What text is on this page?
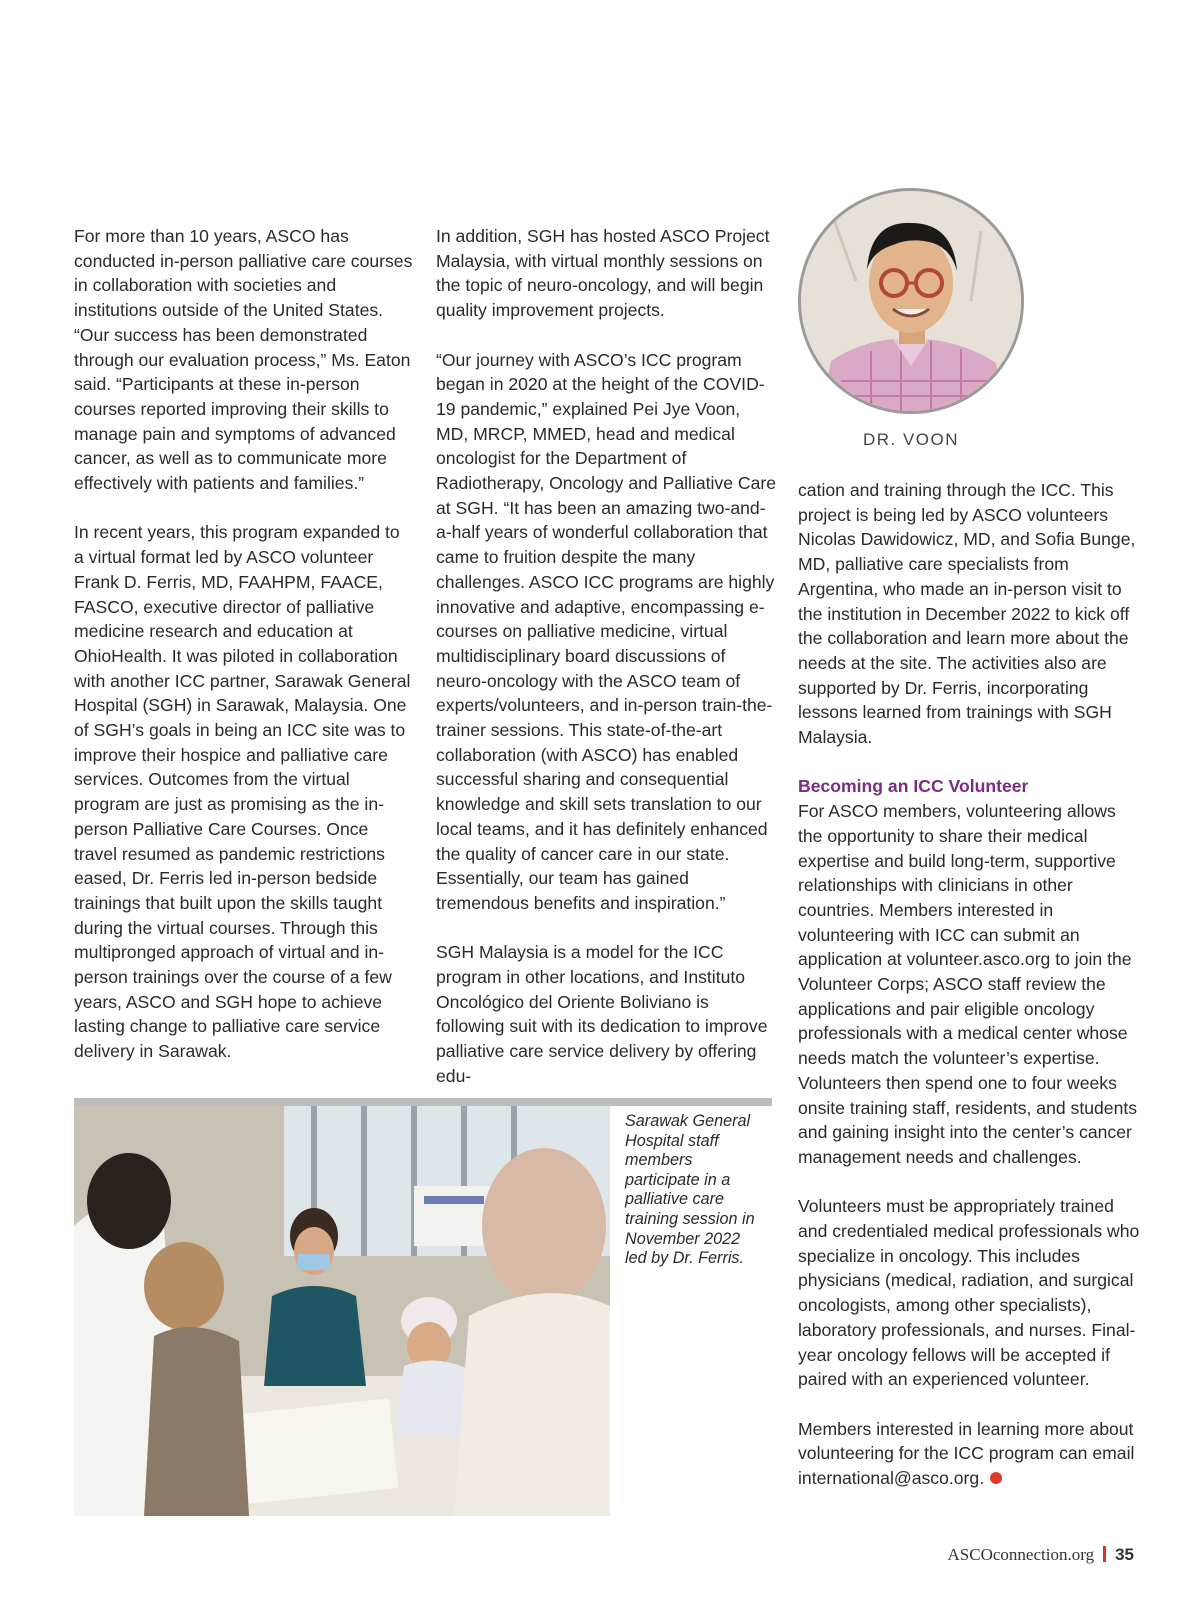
For more than 10 years, ASCO has conducted in-person palliative care courses in collaboration with societies and institutions outside of the United States. “Our success has been demonstrated through our evaluation process,” Ms. Eaton said. “Participants at these in-person courses reported improving their skills to manage pain and symptoms of advanced cancer, as well as to communicate more effectively with patients and families.”

In recent years, this program expanded to a virtual format led by ASCO volunteer Frank D. Ferris, MD, FAAHPM, FAACE, FASCO, executive director of palliative medicine research and education at OhioHealth. It was piloted in collaboration with another ICC partner, Sarawak General Hospital (SGH) in Sarawak, Malaysia. One of SGH’s goals in being an ICC site was to improve their hospice and palliative care services. Outcomes from the virtual program are just as promising as the in-person Palliative Care Courses. Once travel resumed as pandemic restrictions eased, Dr. Ferris led in-person bedside trainings that built upon the skills taught during the virtual courses. Through this multipronged approach of virtual and in-person trainings over the course of a few years, ASCO and SGH hope to achieve lasting change to palliative care service delivery in Sarawak.

In addition, SGH has hosted ASCO Project Malaysia, with virtual monthly sessions on the topic of neuro-oncology, and will begin quality improvement projects.

“Our journey with ASCO’s ICC program began in 2020 at the height of the COVID-19 pandemic,” explained Pei Jye Voon, MD, MRCP, MMED, head and medical oncologist for the Department of Radiotherapy, Oncology and Palliative Care at SGH. “It has been an amazing two-and-a-half years of wonderful collaboration that came to fruition despite the many challenges. ASCO ICC programs are highly innovative and adaptive, encompassing e-courses on palliative medicine, virtual multidisciplinary board discussions of neuro-oncology with the ASCO team of experts/volunteers, and in-person train-the-trainer sessions. This state-of-the-art collaboration (with ASCO) has enabled successful sharing and consequential knowledge and skill sets translation to our local teams, and it has definitely enhanced the quality of cancer care in our state. Essentially, our team has gained tremendous benefits and inspiration.”

SGH Malaysia is a model for the ICC program in other locations, and Instituto Oncológico del Oriente Boliviano is following suit with its dedication to improve palliative care service delivery by offering edu-

DR. VOON

cation and training through the ICC. This project is being led by ASCO volunteers Nicolas Dawidowicz, MD, and Sofia Bunge, MD, palliative care specialists from Argentina, who made an in-person visit to the institution in December 2022 to kick off the collaboration and learn more about the needs at the site. The activities also are supported by Dr. Ferris, incorporating lessons learned from trainings with SGH Malaysia.

Becoming an ICC Volunteer

For ASCO members, volunteering allows the opportunity to share their medical expertise and build long-term, supportive relationships with clinicians in other countries. Members interested in volunteering with ICC can submit an application at volunteer.asco.org to join the Volunteer Corps; ASCO staff review the applications and pair eligible oncology professionals with a medical center whose needs match the volunteer’s expertise. Volunteers then spend one to four weeks onsite training staff, residents, and students and gaining insight into the center’s cancer management needs and challenges.

Volunteers must be appropriately trained and credentialed medical professionals who specialize in oncology. This includes physicians (medical, radiation, and surgical oncologists, among other specialists), laboratory professionals, and nurses. Final-year oncology fellows will be accepted if paired with an experienced volunteer.

Members interested in learning more about volunteering for the ICC program can email international@asco.org.

Sarawak General Hospital staff members participate in a palliative care training session in November 2022 led by Dr. Ferris.
ASCOconnection.org 35
